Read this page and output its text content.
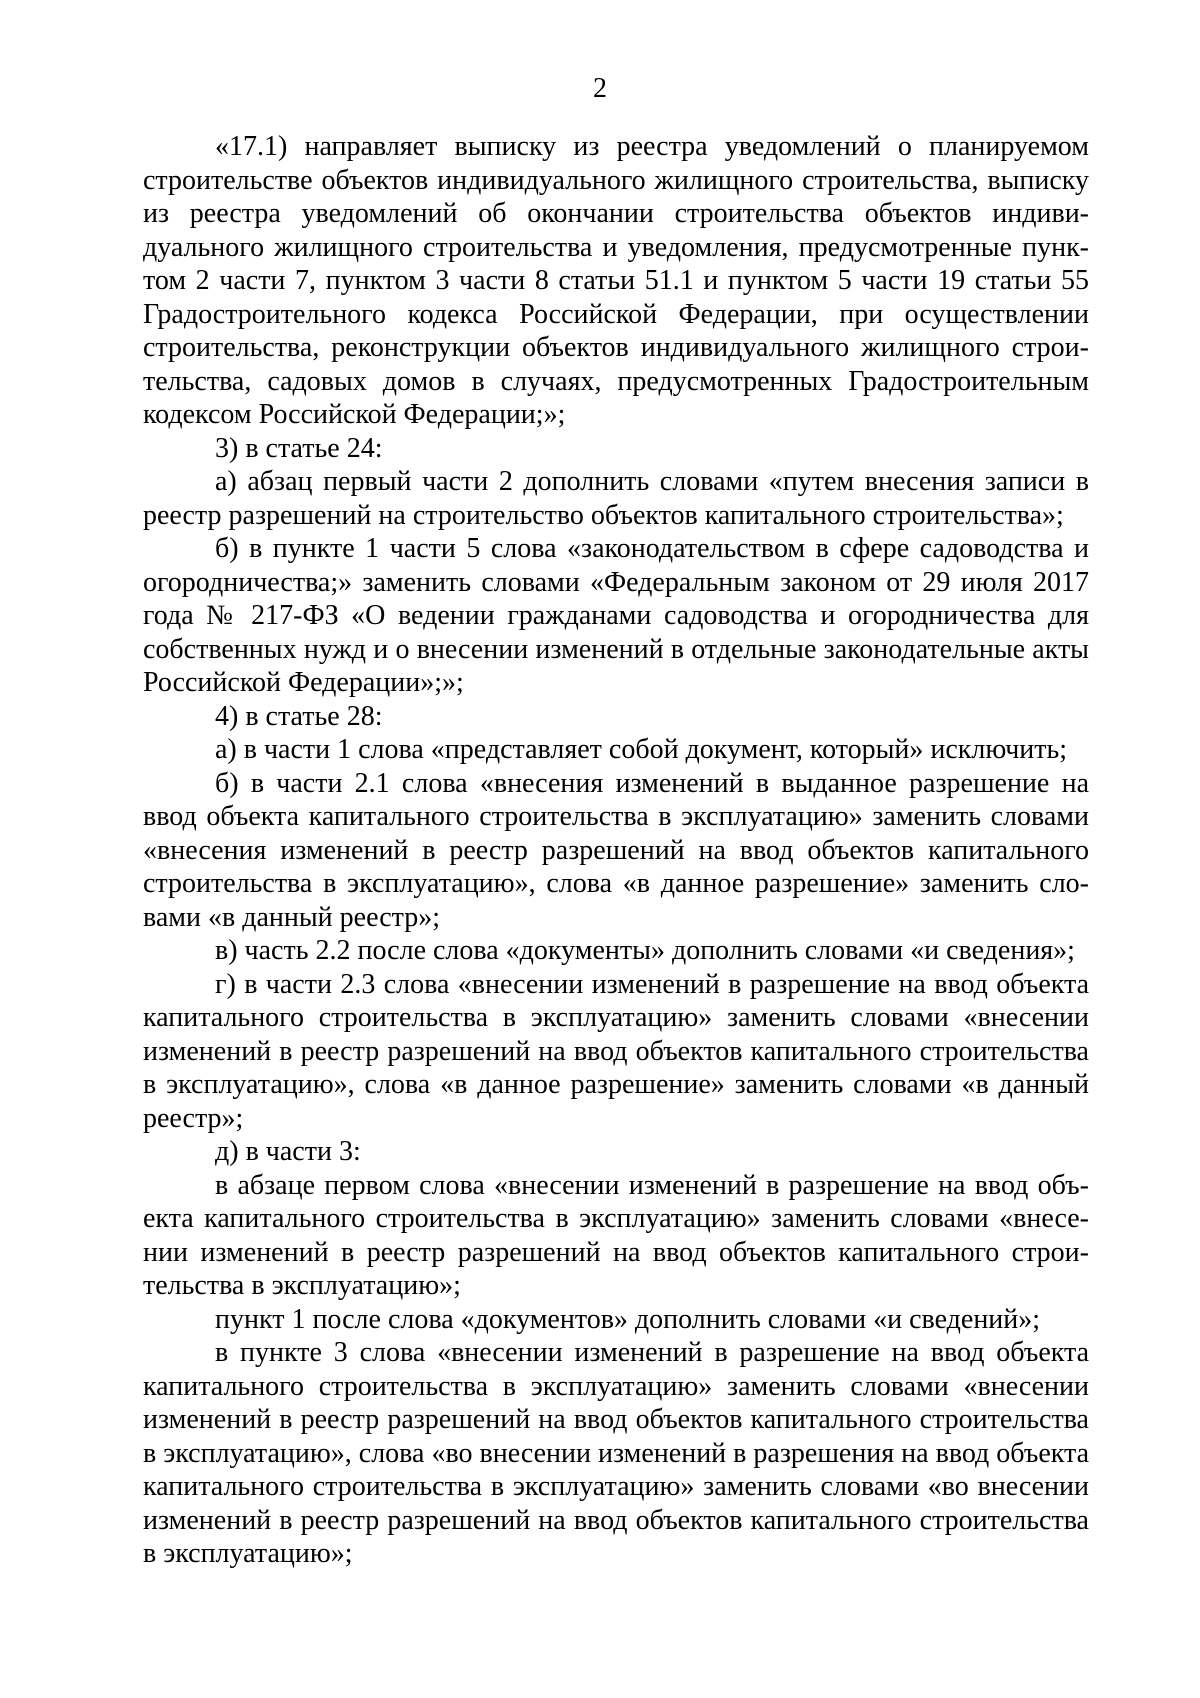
2

«17.1) направляет выписку из реестра уведомлений о планируемом строительстве объектов индивидуального жилищного строительства, выписку из реестра уведомлений об окончании строительства объектов индивидуального жилищного строительства и уведомления, предусмотренные пунктом 2 части 7, пунктом 3 части 8 статьи 51.1 и пунктом 5 части 19 статьи 55 Градостроительного кодекса Российской Федерации, при осуществлении строительства, реконструкции объектов индивидуального жилищного строительства, садовых домов в случаях, предусмотренных Градостроительным кодексом Российской Федерации;»;

3) в статье 24:

а) абзац первый части 2 дополнить словами «путем внесения записи в реестр разрешений на строительство объектов капитального строительства»;

б) в пункте 1 части 5 слова «законодательством в сфере садоводства и огородничества;» заменить словами «Федеральным законом от 29 июля 2017 года № 217-ФЗ «О ведении гражданами садоводства и огородничества для собственных нужд и о внесении изменений в отдельные законодательные акты Российской Федерации»;»;

4) в статье 28:

а) в части 1 слова «представляет собой документ, который» исключить;

б) в части 2.1 слова «внесения изменений в выданное разрешение на ввод объекта капитального строительства в эксплуатацию» заменить словами «внесения изменений в реестр разрешений на ввод объектов капитального строительства в эксплуатацию», слова «в данное разрешение» заменить словами «в данный реестр»;

в) часть 2.2 после слова «документы» дополнить словами «и сведения»;

г) в части 2.3 слова «внесении изменений в разрешение на ввод объекта капитального строительства в эксплуатацию» заменить словами «внесении изменений в реестр разрешений на ввод объектов капитального строительства в эксплуатацию», слова «в данное разрешение» заменить словами «в данный реестр»;

д) в части 3:

в абзаце первом слова «внесении изменений в разрешение на ввод объекта капитального строительства в эксплуатацию» заменить словами «внесении изменений в реестр разрешений на ввод объектов капитального строительства в эксплуатацию»;

пункт 1 после слова «документов» дополнить словами «и сведений»;

в пункте 3 слова «внесении изменений в разрешение на ввод объекта капитального строительства в эксплуатацию» заменить словами «внесении изменений в реестр разрешений на ввод объектов капитального строительства в эксплуатацию», слова «во внесении изменений в разрешения на ввод объекта капитального строительства в эксплуатацию» заменить словами «во внесении изменений в реестр разрешений на ввод объектов капитального строительства в эксплуатацию»;
